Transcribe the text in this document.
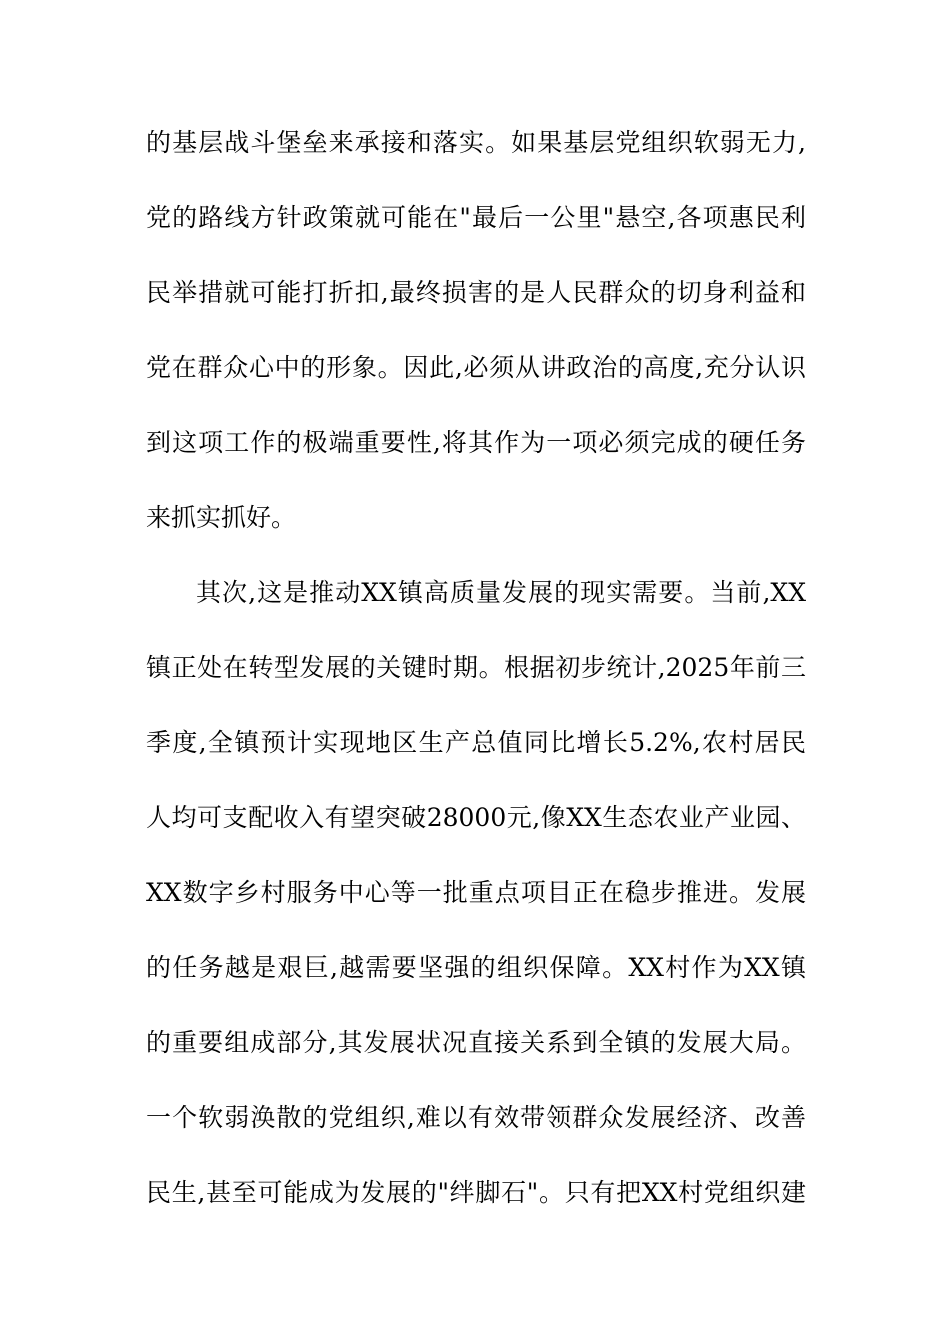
的基层战斗堡垒来承接和落实。如果基层党组织软弱无力,
党的路线方针政策就可能在"最后一公里"悬空,各项惠民利
民举措就可能打折扣,最终损害的是人民群众的切身利益和
党在群众心中的形象。因此,必须从讲政治的高度,充分认识
到这项工作的极端重要性,将其作为一项必须完成的硬任务
来抓实抓好。
其次,这是推动XX镇高质量发展的现实需要。当前,XX
镇正处在转型发展的关键时期。根据初步统计,2025年前三
季度,全镇预计实现地区生产总值同比增长5.2%,农村居民
人均可支配收入有望突破28000元,像XX生态农业产业园、
XX数字乡村服务中心等一批重点项目正在稳步推进。发展
的任务越是艰巨,越需要坚强的组织保障。XX村作为XX镇
的重要组成部分,其发展状况直接关系到全镇的发展大局。
一个软弱涣散的党组织,难以有效带领群众发展经济、改善
民生,甚至可能成为发展的"绊脚石"。只有把XX村党组织建
